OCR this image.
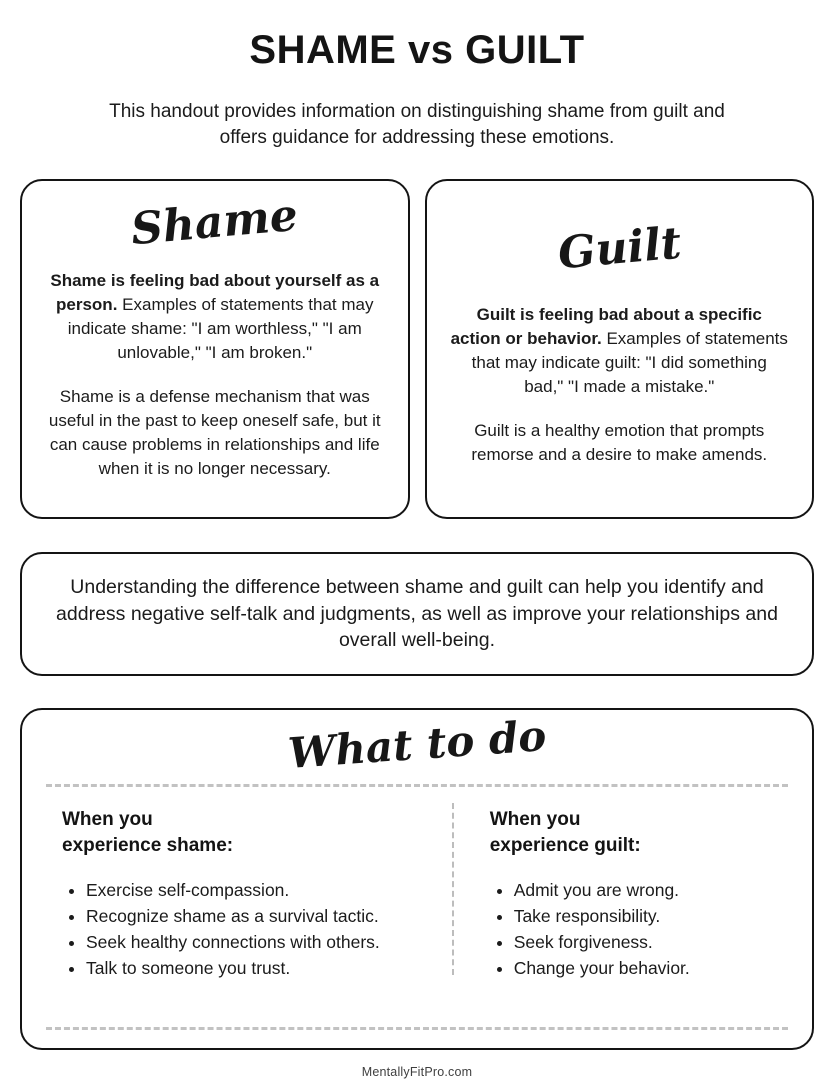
SHAME vs GUILT

This handout provides information on distinguishing shame from guilt and offers guidance for addressing these emotions.

Shame

Shame is feeling bad about yourself as a person. Examples of statements that may indicate shame: "I am worthless," "I am unlovable," "I am broken."

Shame is a defense mechanism that was useful in the past to keep oneself safe, but it can cause problems in relationships and life when it is no longer necessary.

Guilt

Guilt is feeling bad about a specific action or behavior. Examples of statements that may indicate guilt: "I did something bad," "I made a mistake."

Guilt is a healthy emotion that prompts remorse and a desire to make amends.

Understanding the difference between shame and guilt can help you identify and address negative self-talk and judgments, as well as improve your relationships and overall well-being.
What to do
When you
experience shame:
• Exercise self-compassion.
• Recognize shame as a survival tactic.
• Seek healthy connections with others.
• Talk to someone you trust.
When you
experience guilt:
• Admit you are wrong.
• Take responsibility.
• Seek forgiveness.
• Change your behavior.
MentallyFitPro.com
